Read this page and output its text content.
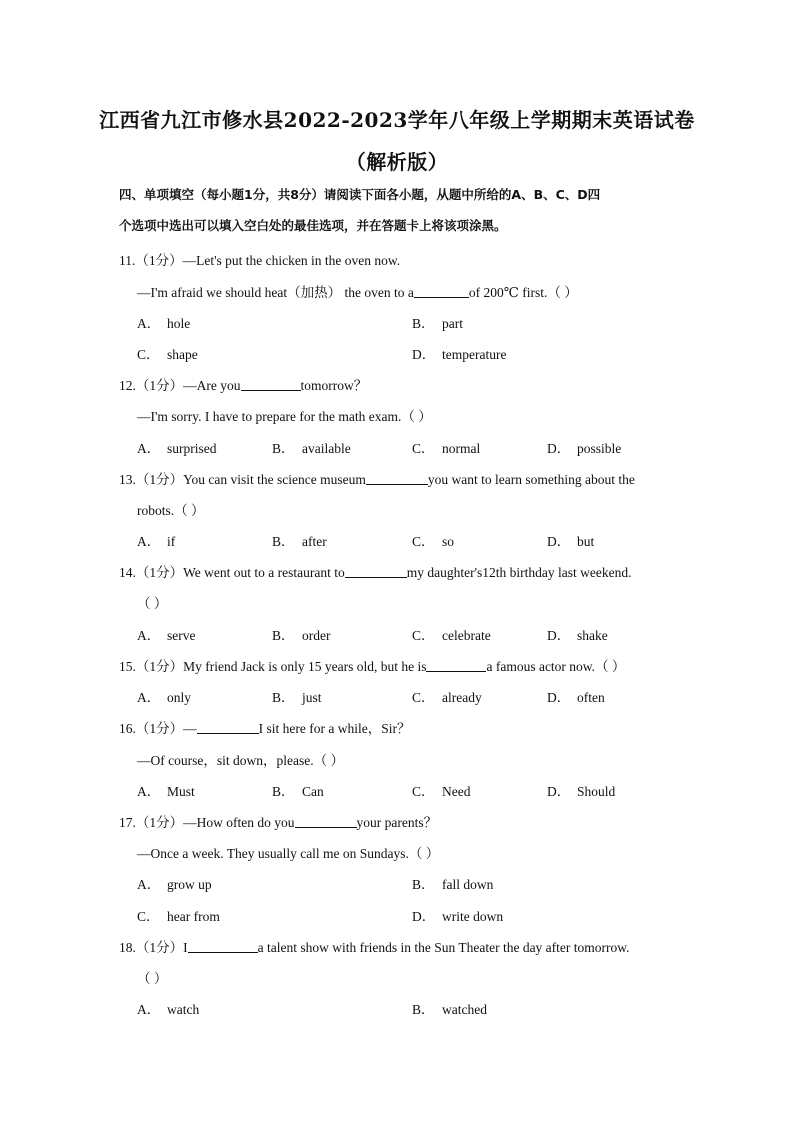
江西省九江市修水县2022-2023学年八年级上学期期末英语试卷
（解析版）
四、单项填空（每小题1分，共8分）请阅读下面各小题，从题中所给的A、B、C、D四
个选项中选出可以填入空白处的最佳选项，并在答题卡上将该项涂黑。
11.（1分）—Let's put the chicken in the oven now.
—I'm afraid we should heat（加热） the oven to a	of 200℃ first.（ ）
A． hole	B． part
C． shape	D． temperature
12.（1分）—Are you	tomorrow？
—I'm sorry. I have to prepare for the math exam.（ ）
A． surprised	B． available	C． normal	D． possible
13.（1分）You can visit the science museum	you want to learn something about the
robots.（ ）
A． if	B． after	C． so	D． but
14.（1分）We went out to a restaurant to	my daughter's12th birthday last weekend.
（ ）
A． serve	B． order	C． celebrate	D． shake
15.（1分）My friend Jack is only 15 years old, but he is	a famous actor now.（ ）
A． only	B． just	C． already	D． often
16.（1分）—	I sit here for a while，Sir？
—Of course，sit down，please.（ ）
A． Must	B． Can	C． Need	D． Should
17.（1分）—How often do you	your parents？
—Once a week. They usually call me on Sundays.（ ）
A． grow up	B． fall down
C． hear from	D． write down
18.（1分）I	a talent show with friends in the Sun Theater the day after tomorrow.
（ ）
A． watch	B． watched
